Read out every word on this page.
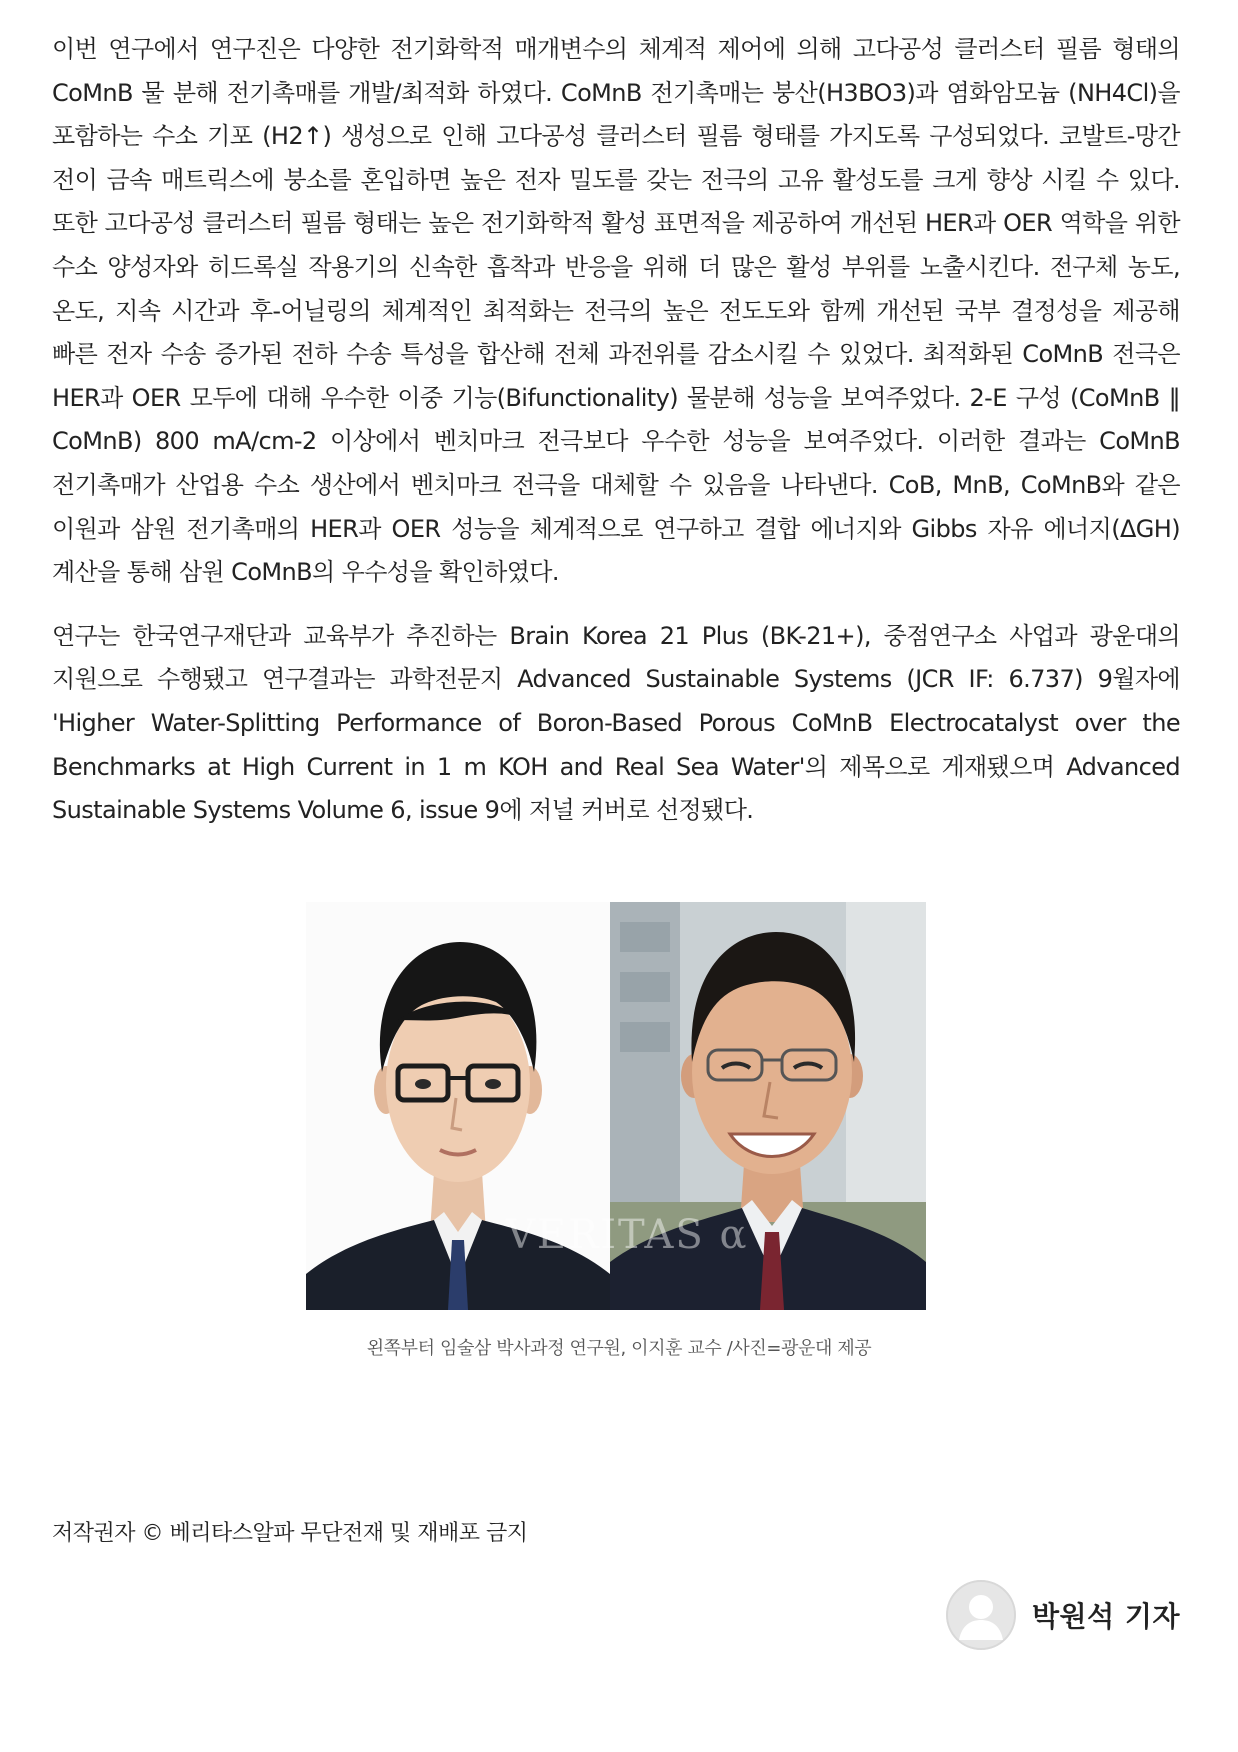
이번 연구에서 연구진은 다양한 전기화학적 매개변수의 체계적 제어에 의해 고다공성 클러스터 필름 형태의 CoMnB 물 분해 전기촉매를 개발/최적화 하였다. CoMnB 전기촉매는 붕산(H3BO3)과 염화암모늄 (NH4Cl)을 포함하는 수소 기포 (H2↑) 생성으로 인해 고다공성 클러스터 필름 형태를 가지도록 구성되었다. 코발트-망간 전이 금속 매트릭스에 붕소를 혼입하면 높은 전자 밀도를 갖는 전극의 고유 활성도를 크게 향상 시킬 수 있다. 또한 고다공성 클러스터 필름 형태는 높은 전기화학적 활성 표면적을 제공하여 개선된 HER과 OER 역학을 위한 수소 양성자와 히드록실 작용기의 신속한 흡착과 반응을 위해 더 많은 활성 부위를 노출시킨다. 전구체 농도, 온도, 지속 시간과 후-어닐링의 체계적인 최적화는 전극의 높은 전도도와 함께 개선된 국부 결정성을 제공해 빠른 전자 수송 증가된 전하 수송 특성을 합산해 전체 과전위를 감소시킬 수 있었다. 최적화된 CoMnB 전극은 HER과 OER 모두에 대해 우수한 이중 기능(Bifunctionality) 물분해 성능을 보여주었다. 2-E 구성 (CoMnB ‖ CoMnB) 800 mA/cm-2 이상에서 벤치마크 전극보다 우수한 성능을 보여주었다. 이러한 결과는 CoMnB 전기촉매가 산업용 수소 생산에서 벤치마크 전극을 대체할 수 있음을 나타낸다. CoB, MnB, CoMnB와 같은 이원과 삼원 전기촉매의 HER과 OER 성능을 체계적으로 연구하고 결합 에너지와 Gibbs 자유 에너지(ΔGH) 계산을 통해 삼원 CoMnB의 우수성을 확인하였다.

연구는 한국연구재단과 교육부가 추진하는 Brain Korea 21 Plus (BK-21+), 중점연구소 사업과 광운대의 지원으로 수행됐고 연구결과는 과학전문지 Advanced Sustainable Systems (JCR IF: 6.737) 9월자에 'Higher Water-Splitting Performance of Boron-Based Porous CoMnB Electrocatalyst over the Benchmarks at High Current in 1 m KOH and Real Sea Water'의 제목으로 게재됐으며 Advanced Sustainable Systems Volume 6, issue 9에 저널 커버로 선정됐다.

VERITAS α
왼쪽부터 임술삼 박사과정 연구원, 이지훈 교수 /사진=광운대 제공
저작권자 © 베리타스알파 무단전재 및 재배포 금지
박원석 기자
